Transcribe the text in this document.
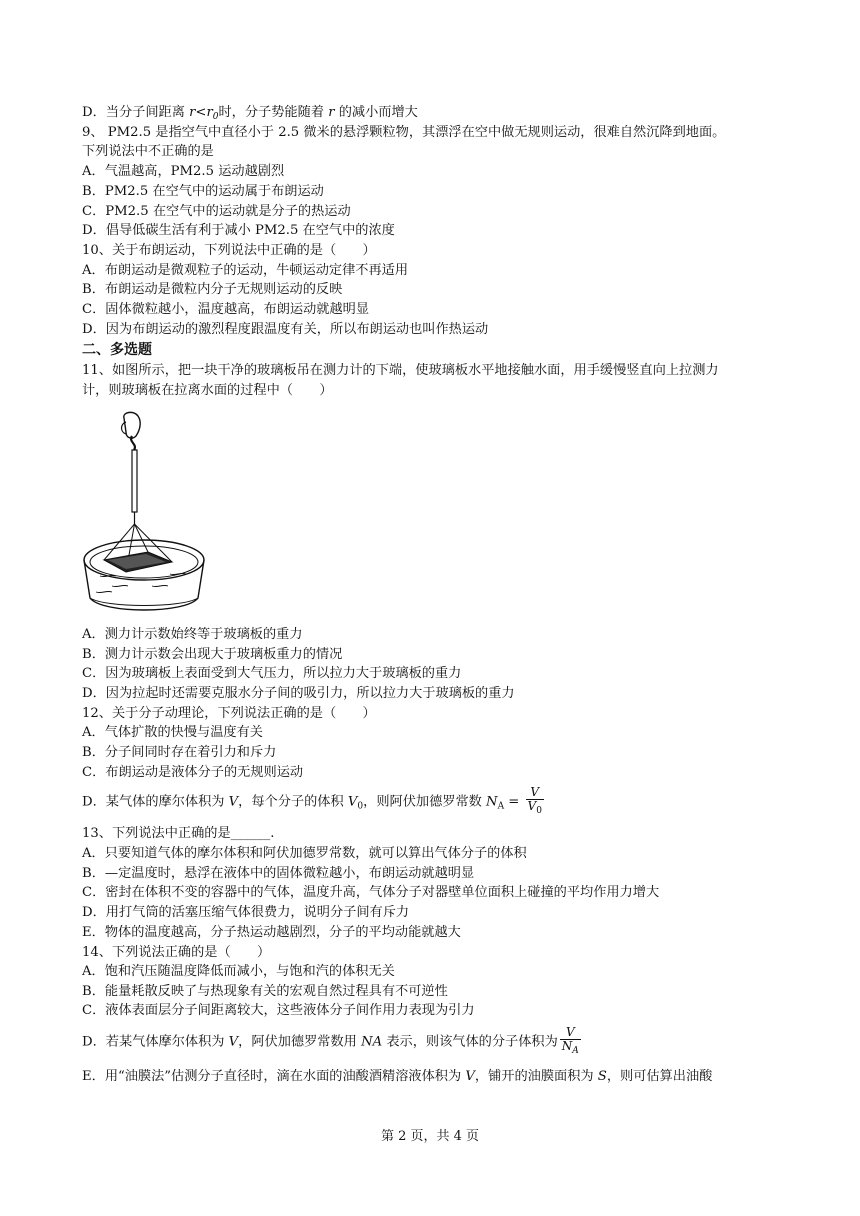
D．当分子间距离 $r<r_0$时，分子势能随着 r 的减小而增大
9、 PM2.5 是指空气中直径小于 2.5 微米的悬浮颗粒物，其漂浮在空中做无规则运动，很难自然沉降到地面。
下列说法中不正确的是
A．气温越高，PM2.5 运动越剧烈
B．PM2.5 在空气中的运动属于布朗运动
C．PM2.5 在空气中的运动就是分子的热运动
D．倡导低碳生活有利于减小 PM2.5 在空气中的浓度
10、关于布朗运动，下列说法中正确的是（　　）
A．布朗运动是微观粒子的运动，牛顿运动定律不再适用
B．布朗运动是微粒内分子无规则运动的反映
C．固体微粒越小，温度越高，布朗运动就越明显
D．因为布朗运动的激烈程度跟温度有关，所以布朗运动也叫作热运动
二、多选题
11、如图所示，把一块干净的玻璃板吊在测力计的下端，使玻璃板水平地接触水面，用手缓慢竖直向上拉测力
计，则玻璃板在拉离水面的过程中（　　）
A．测力计示数始终等于玻璃板的重力
B．测力计示数会出现大于玻璃板重力的情况
C．因为玻璃板上表面受到大气压力，所以拉力大于玻璃板的重力
D．因为拉起时还需要克服水分子间的吸引力，所以拉力大于玻璃板的重力
12、关于分子动理论，下列说法正确的是（　　）
A．气体扩散的快慢与温度有关
B．分子间同时存在着引力和斥力
C．布朗运动是液体分子的无规则运动
D．某气体的摩尔体积为 V，每个分子的体积 $V_0$，则阿伏加德罗常数 $N_A = \frac{V}{V_0}$
13、下列说法中正确的是______.
A．只要知道气体的摩尔体积和阿伏加德罗常数，就可以算出气体分子的体积
B．—定温度时，悬浮在液体中的固体微粒越小，布朗运动就越明显
C．密封在体积不变的容器中的气体，温度升高，气体分子对器壁单位面积上碰撞的平均作用力增大
D．用打气筒的活塞压缩气体很费力，说明分子间有斥力
E．物体的温度越高，分子热运动越剧烈，分子的平均动能就越大
14、下列说法正确的是（　　）
A．饱和汽压随温度降低而减小，与饱和汽的体积无关
B．能量耗散反映了与热现象有关的宏观自然过程具有不可逆性
C．液体表面层分子间距离较大，这些液体分子间作用力表现为引力
D．若某气体摩尔体积为 V，阿伏加德罗常数用 NA 表示，则该气体的分子体积为 $\frac{V}{N_A}$
E．用“油膜法”估测分子直径时，滴在水面的油酸酒精溶液体积为 V，铺开的油膜面积为 S，则可估算出油酸
第 2 页，共 4 页
